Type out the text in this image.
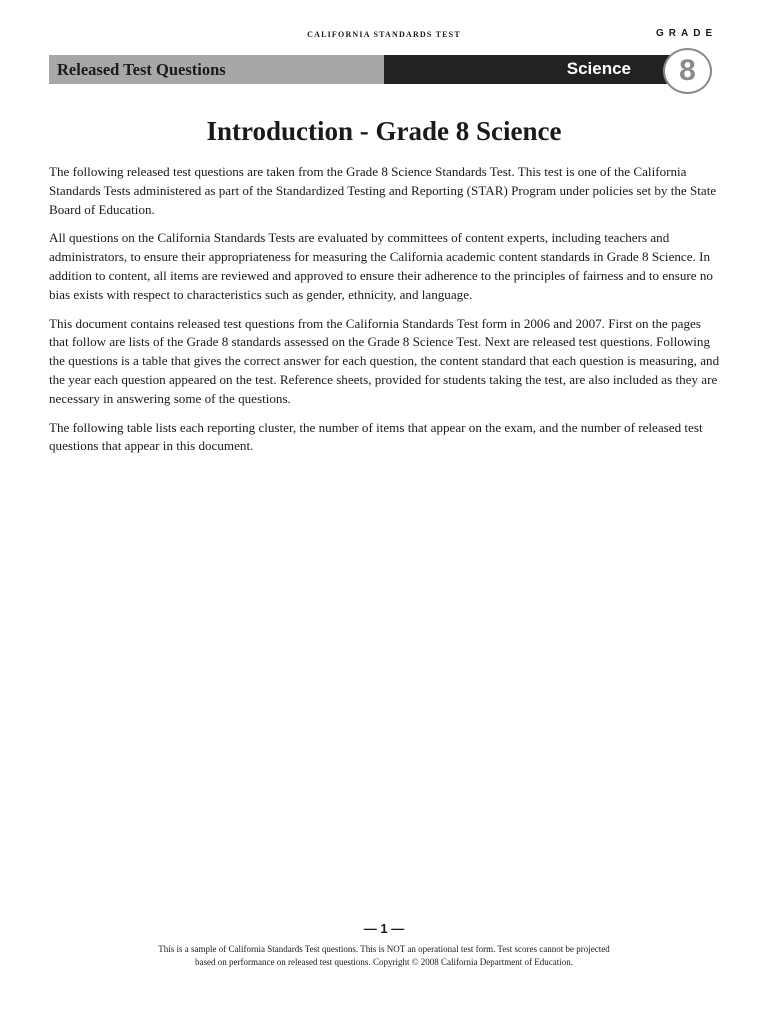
CALIFORNIA STANDARDS TEST	GRADE
Released Test Questions	Science	8
Introduction - Grade 8 Science

The following released test questions are taken from the Grade 8 Science Standards Test. This test is one of the California Standards Tests administered as part of the Standardized Testing and Reporting (STAR) Program under policies set by the State Board of Education.

All questions on the California Standards Tests are evaluated by committees of content experts, including teachers and administrators, to ensure their appropriateness for measuring the California academic content standards in Grade 8 Science. In addition to content, all items are reviewed and approved to ensure their adherence to the principles of fairness and to ensure no bias exists with respect to characteristics such as gender, ethnicity, and language.

This document contains released test questions from the California Standards Test form in 2006 and 2007. First on the pages that follow are lists of the Grade 8 standards assessed on the Grade 8 Science Test. Next are released test questions. Following the questions is a table that gives the correct answer for each question, the content standard that each question is measuring, and the year each question appeared on the test. Reference sheets, provided for students taking the test, are also included as they are necessary in answering some of the questions.

The following table lists each reporting cluster, the number of items that appear on the exam, and the number of released test questions that appear in this document.

— 1 —
This is a sample of California Standards Test questions. This is NOT an operational test form. Test scores cannot be projected
based on performance on released test questions. Copyright © 2008 California Department of Education.
